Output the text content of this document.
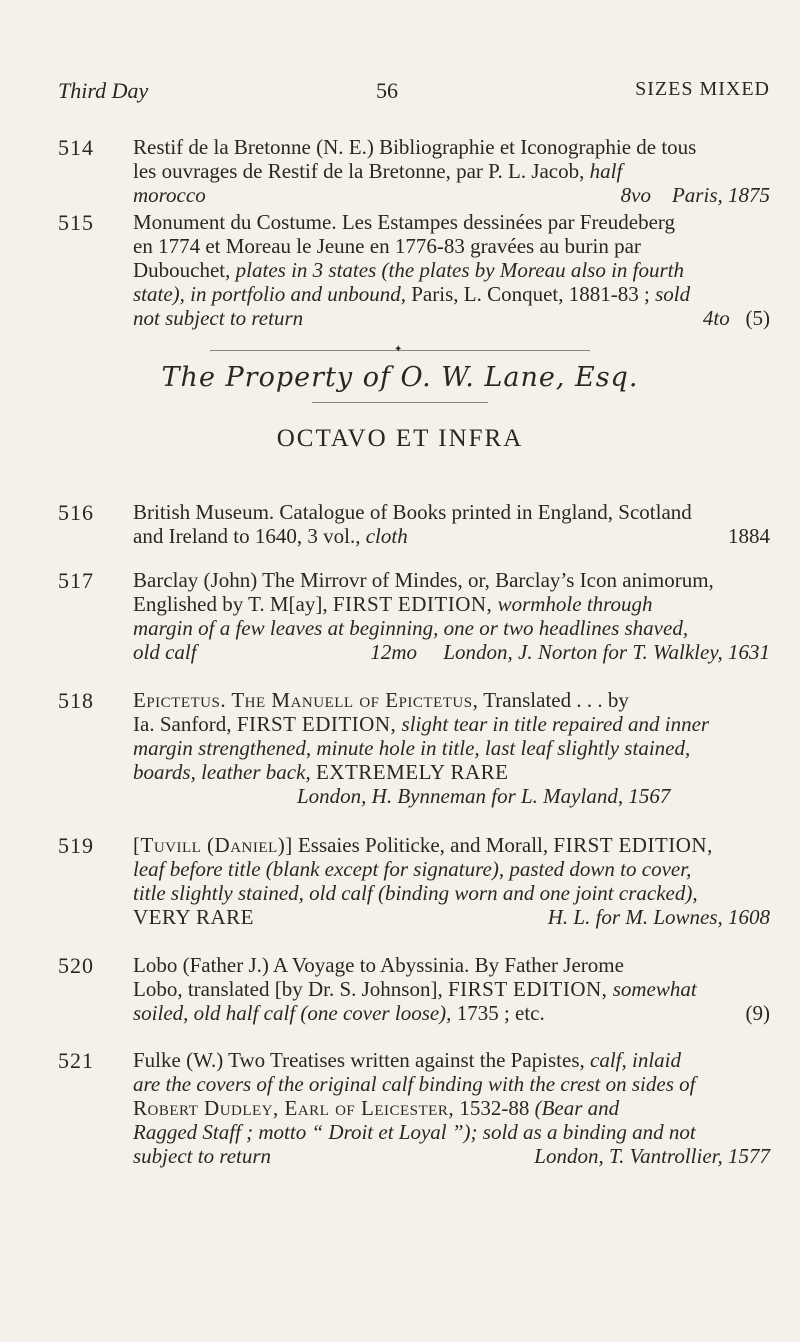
Third Day	56	SIZES MIXED
514 Restif de la Bretonne (N. E.) Bibliographie et Iconographie de tous
les ouvrages de Restif de la Bretonne, par P. L. Jacob, half
morocco	8vo Paris, 1875
515 Monument du Costume. Les Estampes dessinées par Freudeberg
en 1774 et Moreau le Jeune en 1776-83 gravées au burin par
Dubouchet, plates in 3 states (the plates by Moreau also in fourth
state), in portfolio and unbound, Paris, L. Conquet, 1881-83 ; sold
not subject to return	4to (5)
✦
The Property of O. W. Lane, Esq.
OCTAVO ET INFRA
516 British Museum. Catalogue of Books printed in England, Scotland
and Ireland to 1640, 3 vol., cloth	1884
517 Barclay (John) The Mirrovr of Mindes, or, Barclay’s Icon animorum,
Englished by T. M[ay], FIRST EDITION, wormhole through
margin of a few leaves at beginning, one or two headlines shaved,
old calf	12mo London, J. Norton for T. Walkley, 1631
518 Epictetus. The Manuell of Epictetus, Translated . . . by
Ia. Sanford, FIRST EDITION, slight tear in title repaired and inner
margin strengthened, minute hole in title, last leaf slightly stained,
boards, leather back, EXTREMELY RARE
London, H. Bynneman for L. Mayland, 1567
519 [Tuvill (Daniel)] Essaies Politicke, and Morall, FIRST EDITION,
leaf before title (blank except for signature), pasted down to cover,
title slightly stained, old calf (binding worn and one joint cracked),
VERY RARE	H. L. for M. Lownes, 1608
520 Lobo (Father J.) A Voyage to Abyssinia. By Father Jerome
Lobo, translated [by Dr. S. Johnson], FIRST EDITION, somewhat
soiled, old half calf (one cover loose), 1735 ; etc.	(9)
521 Fulke (W.) Two Treatises written against the Papistes, calf, inlaid
are the covers of the original calf binding with the crest on sides of
Robert Dudley, Earl of Leicester, 1532-88 (Bear and
Ragged Staff ; motto “ Droit et Loyal ”); sold as a binding and not
subject to return	London, T. Vantrollier, 1577
